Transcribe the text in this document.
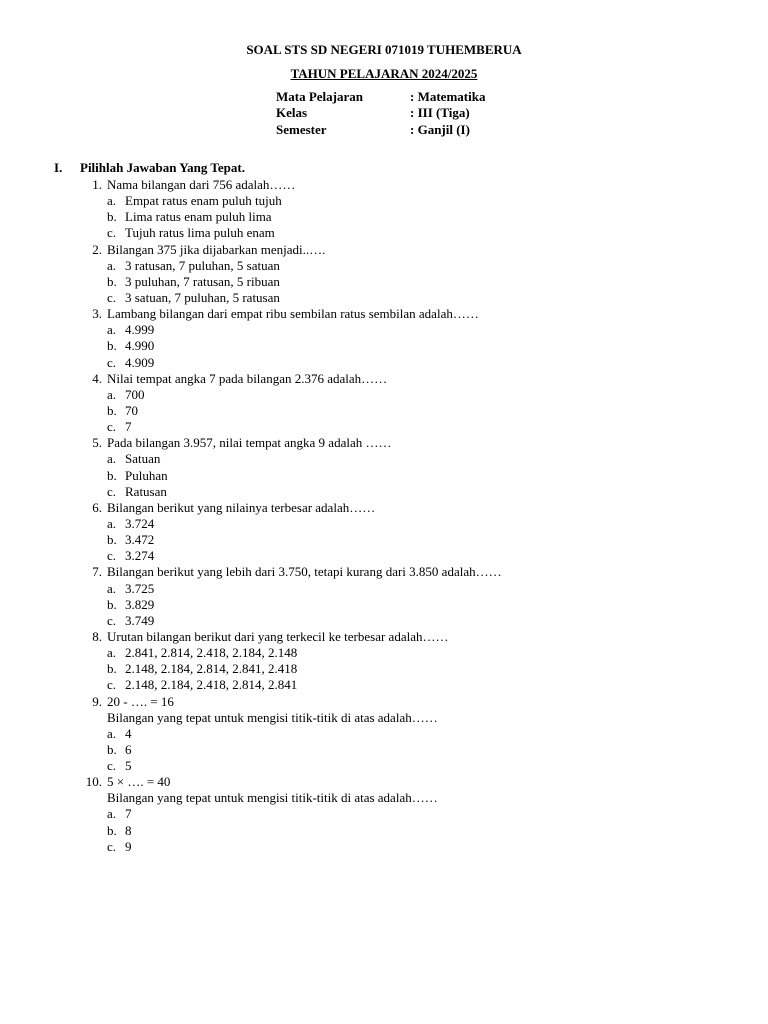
SOAL STS SD NEGERI 071019 TUHEMBERUA
TAHUN PELAJARAN 2024/2025
Mata Pelajaran	: Matematika
Kelas	: III (Tiga)
Semester	: Ganjil (I)
I. Pilihlah Jawaban Yang Tepat.
1. Nama bilangan dari 756 adalah……
a. Empat ratus enam puluh tujuh
b. Lima ratus enam puluh lima
c. Tujuh ratus lima puluh enam
2. Bilangan 375 jika dijabarkan menjadi..….
a. 3 ratusan, 7 puluhan, 5 satuan
b. 3 puluhan, 7 ratusan, 5 ribuan
c. 3 satuan, 7 puluhan, 5 ratusan
3. Lambang bilangan dari empat ribu sembilan ratus sembilan adalah……
a. 4.999
b. 4.990
c. 4.909
4. Nilai tempat angka 7 pada bilangan 2.376 adalah……
a. 700
b. 70
c. 7
5. Pada bilangan 3.957, nilai tempat angka 9 adalah ……
a. Satuan
b. Puluhan
c. Ratusan
6. Bilangan berikut yang nilainya terbesar adalah……
a. 3.724
b. 3.472
c. 3.274
7. Bilangan berikut yang lebih dari 3.750, tetapi kurang dari 3.850 adalah……
a. 3.725
b. 3.829
c. 3.749
8. Urutan bilangan berikut dari yang terkecil ke terbesar adalah……
a. 2.841, 2.814, 2.418, 2.184, 2.148
b. 2.148, 2.184, 2.814, 2.841, 2.418
c. 2.148, 2.184, 2.418, 2.814, 2.841
9. 20 - …. = 16
Bilangan yang tepat untuk mengisi titik-titik di atas adalah……
a. 4
b. 6
c. 5
10. 5 × …. = 40
Bilangan yang tepat untuk mengisi titik-titik di atas adalah……
a. 7
b. 8
c. 9
